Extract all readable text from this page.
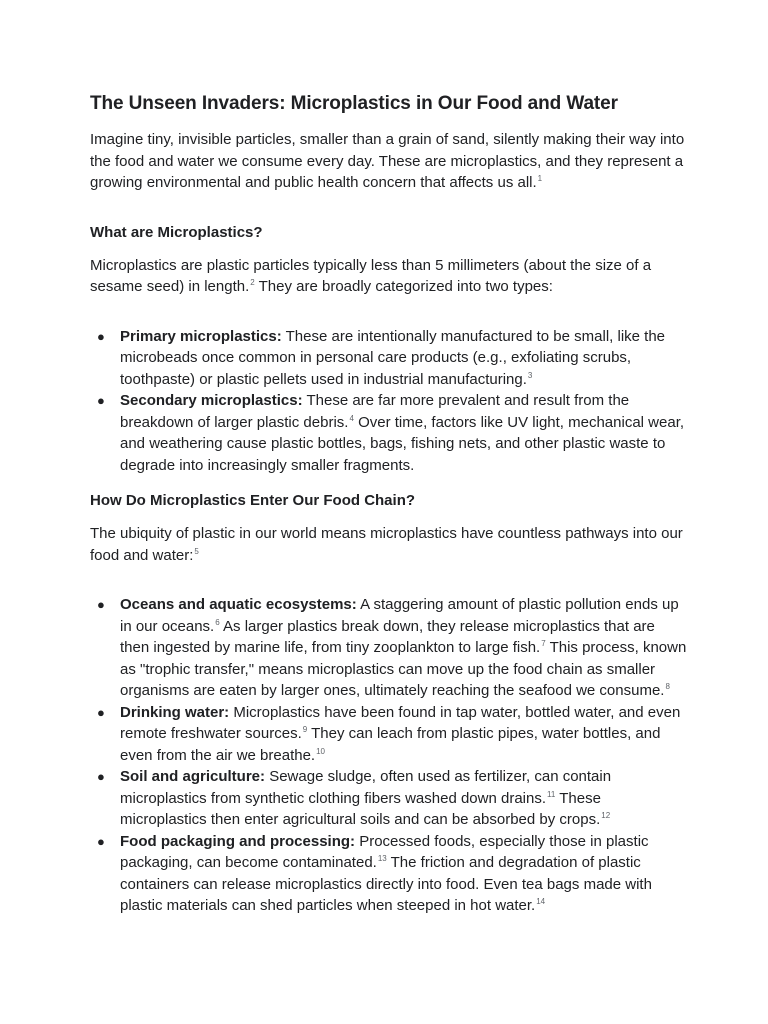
The Unseen Invaders: Microplastics in Our Food and Water

Imagine tiny, invisible particles, smaller than a grain of sand, silently making their way into the food and water we consume every day. These are microplastics, and they represent a growing environmental and public health concern that affects us all.$^1$

What are Microplastics?

Microplastics are plastic particles typically less than 5 millimeters (about the size of a sesame seed) in length.$^2$ They are broadly categorized into two types:

● Primary microplastics: These are intentionally manufactured to be small, like the microbeads once common in personal care products (e.g., exfoliating scrubs, toothpaste) or plastic pellets used in industrial manufacturing.$^3$
● Secondary microplastics: These are far more prevalent and result from the breakdown of larger plastic debris.$^4$ Over time, factors like UV light, mechanical wear, and weathering cause plastic bottles, bags, fishing nets, and other plastic waste to degrade into increasingly smaller fragments.
How Do Microplastics Enter Our Food Chain?

The ubiquity of plastic in our world means microplastics have countless pathways into our food and water:$^5$

● Oceans and aquatic ecosystems: A staggering amount of plastic pollution ends up in our oceans.$^6$ As larger plastics break down, they release microplastics that are then ingested by marine life, from tiny zooplankton to large fish.$^7$ This process, known as "trophic transfer," means microplastics can move up the food chain as smaller organisms are eaten by larger ones, ultimately reaching the seafood we consume.$^8$
● Drinking water: Microplastics have been found in tap water, bottled water, and even remote freshwater sources.$^9$ They can leach from plastic pipes, water bottles, and even from the air we breathe.$^{10}$
● Soil and agriculture: Sewage sludge, often used as fertilizer, can contain microplastics from synthetic clothing fibers washed down drains.$^{11}$ These microplastics then enter agricultural soils and can be absorbed by crops.$^{12}$
● Food packaging and processing: Processed foods, especially those in plastic packaging, can become contaminated.$^{13}$ The friction and degradation of plastic containers can release microplastics directly into food. Even tea bags made with plastic materials can shed particles when steeped in hot water.$^{14}$
